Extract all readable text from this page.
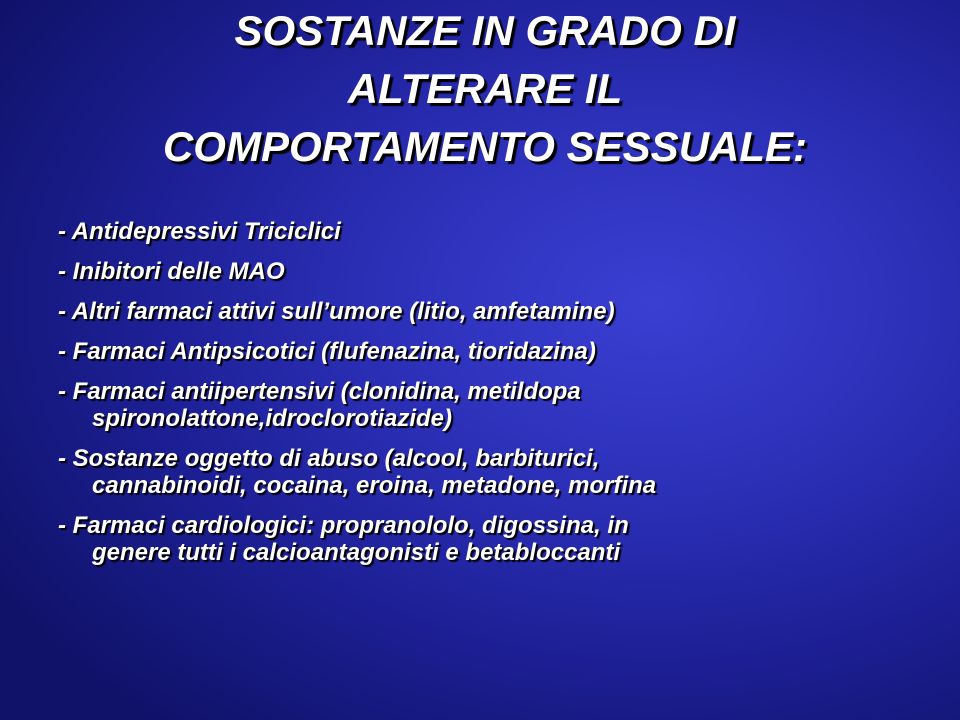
SOSTANZE IN GRADO DI
ALTERARE IL
COMPORTAMENTO SESSUALE:
- Antidepressivi Triciclici
- Inibitori delle MAO
- Altri farmaci attivi sull’umore (litio, amfetamine)
- Farmaci Antipsicotici (flufenazina, tioridazina)
- Farmaci antiipertensivi (clonidina, metildopa
spironolattone,idroclorotiazide)
- Sostanze oggetto di abuso (alcool, barbiturici,
cannabinoidi, cocaina, eroina, metadone, morfina
- Farmaci cardiologici: propranololo, digossina, in
genere tutti i calcioantagonisti e betabloccanti
